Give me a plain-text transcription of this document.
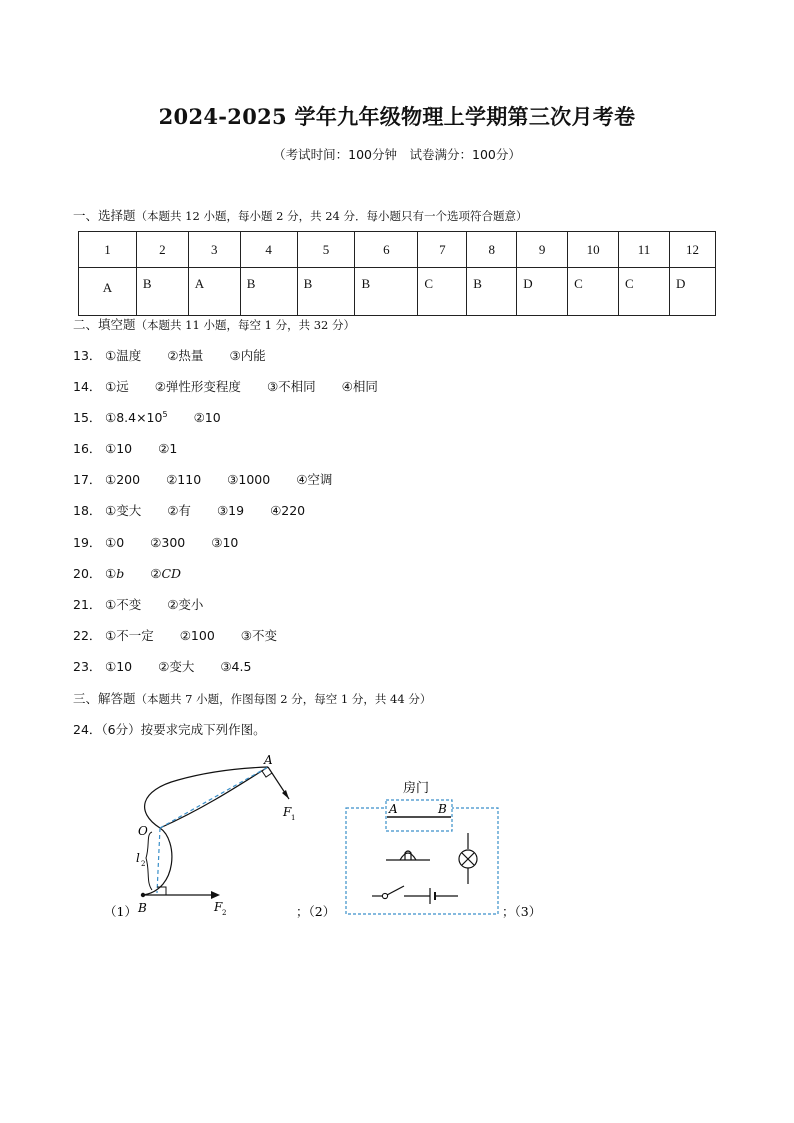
2024-2025 学年九年级物理上学期第三次月考卷
（考试时间：100分钟　试卷满分：100分）
一、选择题（本题共 12 小题，每小题 2 分，共 24 分．每小题只有一个选项符合题意）
1	2	3	4	5	6	7	8	9	10	11	12
A	B	A	B	B	B	C	B	D	C	C	D
二、填空题（本题共 11 小题，每空 1 分，共 32 分）
13． ①温度 ②热量 ③内能
14． ①远 ②弹性形变程度 ③不相同 ④相同
15． $①8.4\times 10^5$ ②10
16． ①10 ②1
17． ①200 ②110 ③1000 ④空调
18． ①变大 ②有 ③19 ④220
19． ①0 ②300 ③10
20． ①b ②CD
21． ①不变 ②变小
22． ①不一定 ②100 ③不变
23． ①10 ②变大 ③4.5
三、解答题（本题共 7 小题，作图每图 2 分，每空 1 分，共 44 分）
24．（6分）按要求完成下列作图。
A
O
B
F 1
F 2
l 2
（1）	；（2）	；（3）
房门
A	B
